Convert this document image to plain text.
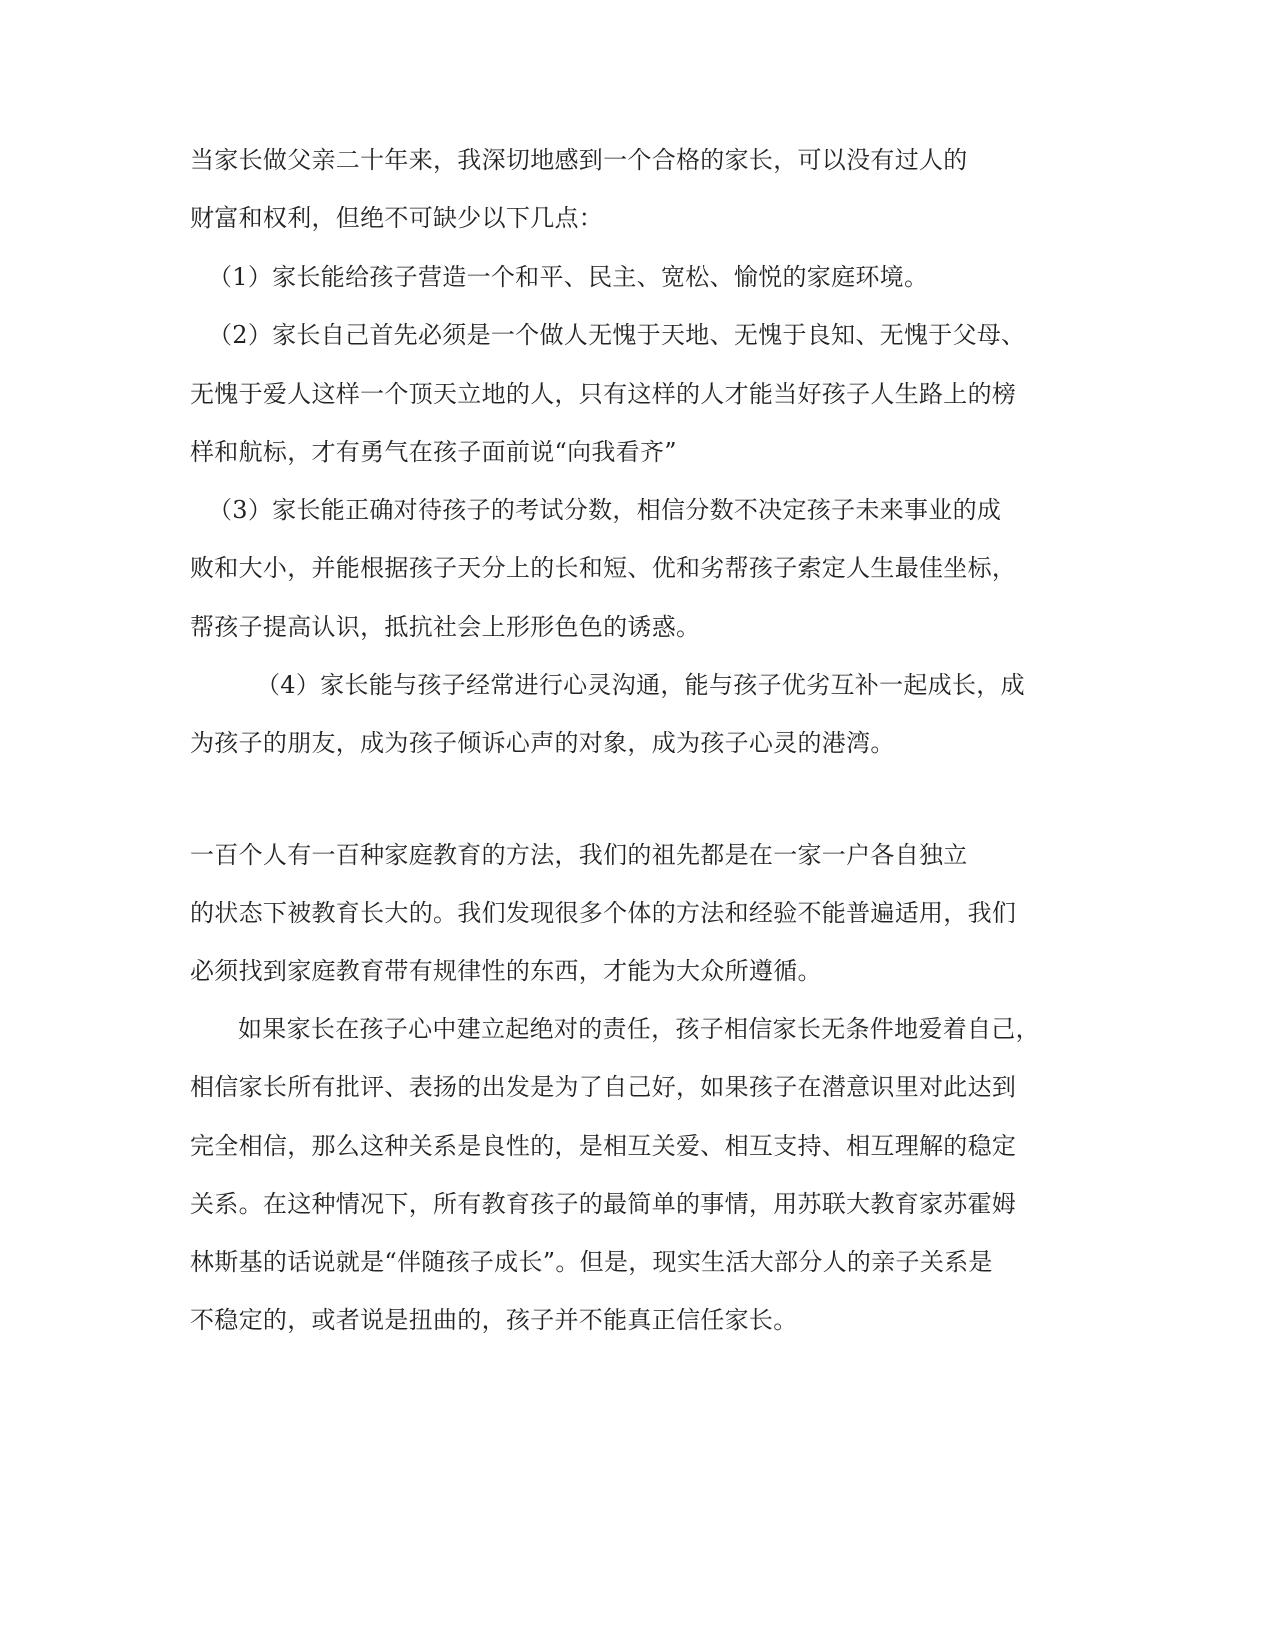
当家长做父亲二十年来，我深切地感到一个合格的家长，可以没有过人的
财富和权利，但绝不可缺少以下几点：
（1）家长能给孩子营造一个和平、民主、宽松、愉悦的家庭环境。
（2）家长自己首先必须是一个做人无愧于天地、无愧于良知、无愧于父母、
无愧于爱人这样一个顶天立地的人，只有这样的人才能当好孩子人生路上的榜
样和航标，才有勇气在孩子面前说“向我看齐”
（3）家长能正确对待孩子的考试分数，相信分数不决定孩子未来事业的成
败和大小，并能根据孩子天分上的长和短、优和劣帮孩子索定人生最佳坐标，
帮孩子提高认识，抵抗社会上形形色色的诱惑。
（4）家长能与孩子经常进行心灵沟通，能与孩子优劣互补一起成长，成
为孩子的朋友，成为孩子倾诉心声的对象，成为孩子心灵的港湾。
一百个人有一百种家庭教育的方法，我们的祖先都是在一家一户各自独立
的状态下被教育长大的。我们发现很多个体的方法和经验不能普遍适用，我们
必须找到家庭教育带有规律性的东西，才能为大众所遵循。
如果家长在孩子心中建立起绝对的责任，孩子相信家长无条件地爱着自己，
相信家长所有批评、表扬的出发是为了自己好，如果孩子在潜意识里对此达到
完全相信，那么这种关系是良性的，是相互关爱、相互支持、相互理解的稳定
关系。在这种情况下，所有教育孩子的最简单的事情，用苏联大教育家苏霍姆
林斯基的话说就是“伴随孩子成长”。但是，现实生活大部分人的亲子关系是
不稳定的，或者说是扭曲的，孩子并不能真正信任家长。
